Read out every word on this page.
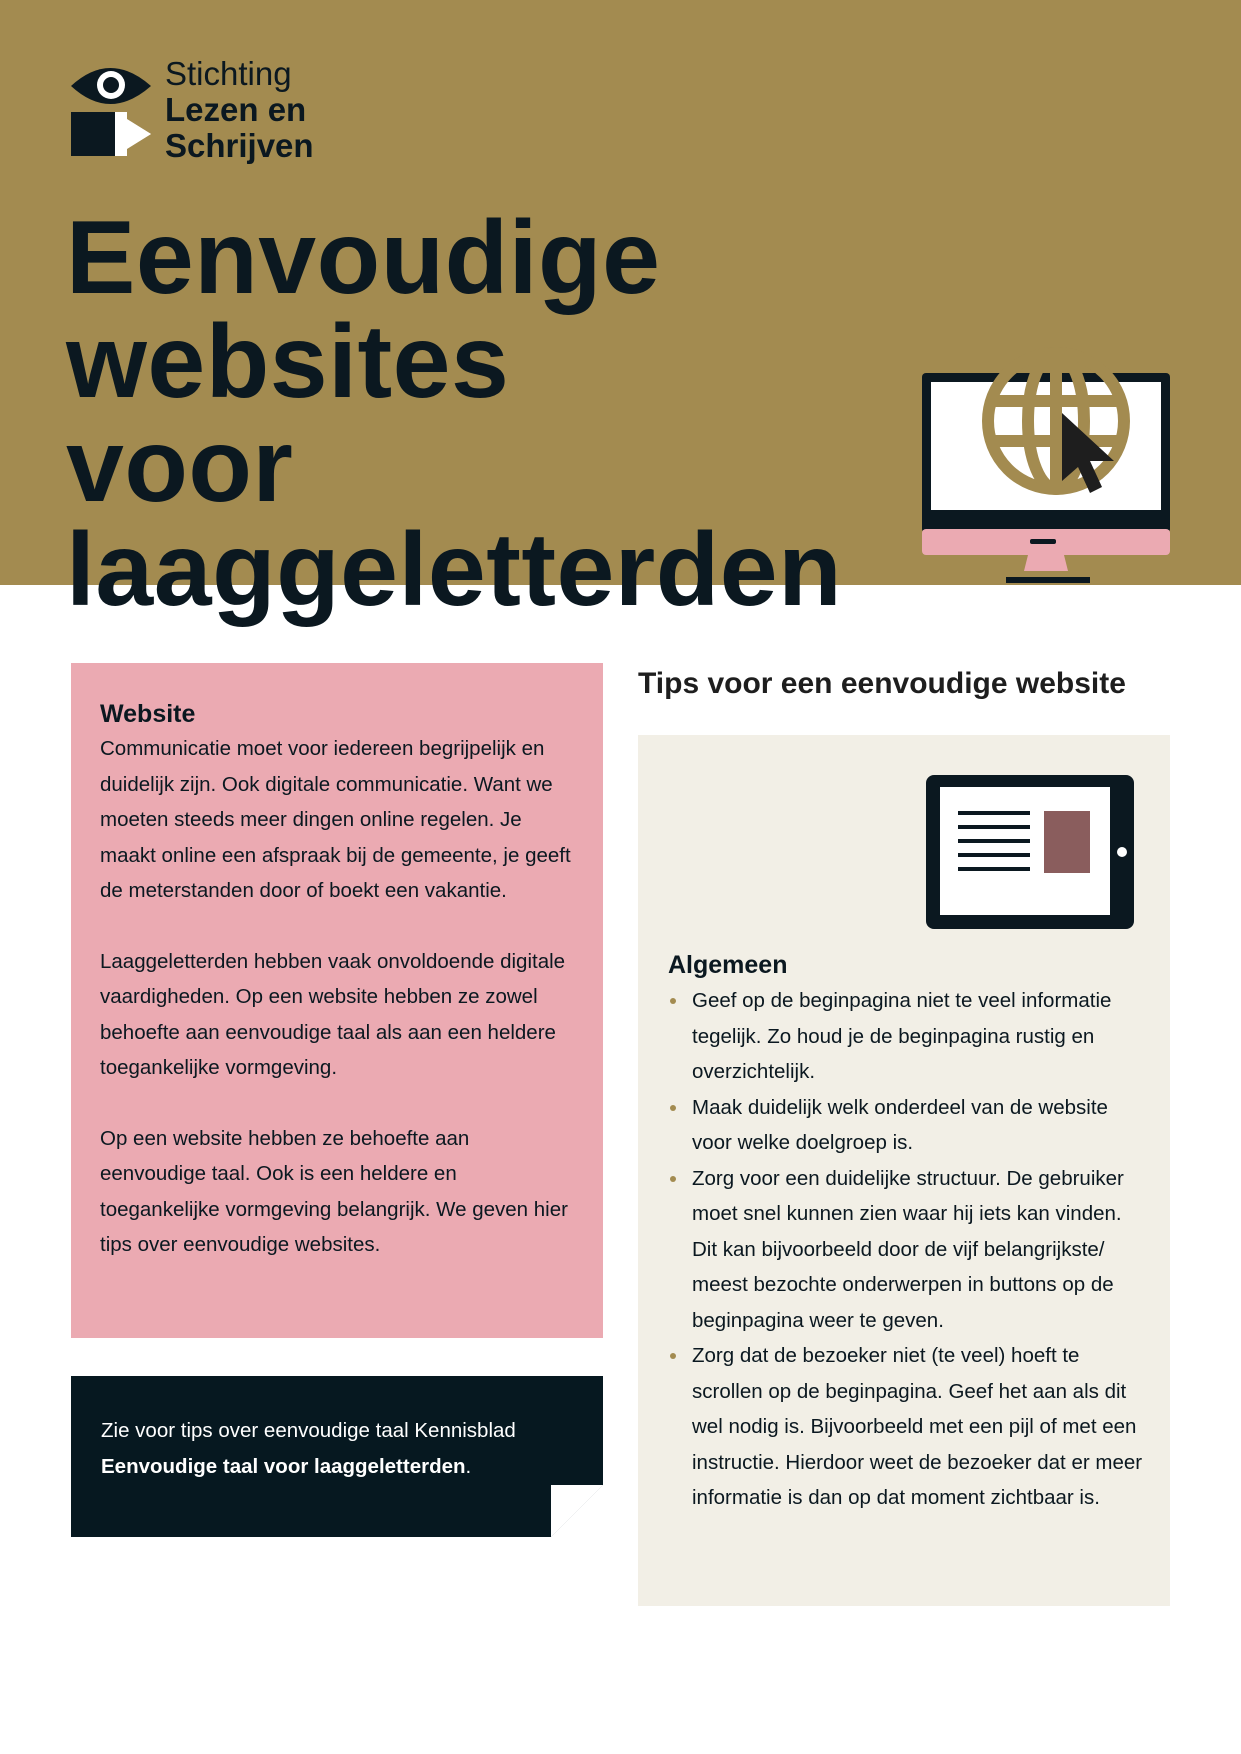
Stichting
Lezen en
Schrijven
Eenvoudige websites
voor
laaggeletterden
Website

Communicatie moet voor iedereen begrijpelijk en duidelijk zijn. Ook digitale communicatie. Want we moeten steeds meer dingen online regelen. Je maakt online een afspraak bij de gemeente, je geeft de meterstanden door of boekt een vakantie.

Laaggeletterden hebben vaak onvoldoende digitale vaardigheden. Op een website hebben ze zowel behoefte aan eenvoudige taal als aan een heldere toegankelijke vormgeving.

Op een website hebben ze behoefte aan eenvoudige taal. Ook is een heldere en toegankelijke vormgeving belangrijk. We geven hier tips over eenvoudige websites.

Zie voor tips over eenvoudige taal Kennisblad
Eenvoudige taal voor laaggeletterden.
Tips voor een eenvoudige website
Algemeen
Geef op de beginpagina niet te veel informatie tegelijk. Zo houd je de beginpagina rustig en overzichtelijk.
Maak duidelijk welk onderdeel van de website voor welke doelgroep is.
Zorg voor een duidelijke structuur. De gebruiker moet snel kunnen zien waar hij iets kan vinden. Dit kan bijvoorbeeld door de vijf belangrijkste/ meest bezochte onderwerpen in buttons op de beginpagina weer te geven.
Zorg dat de bezoeker niet (te veel) hoeft te scrollen op de beginpagina. Geef het aan als dit wel nodig is. Bijvoorbeeld met een pijl of met een instructie. Hierdoor weet de bezoeker dat er meer informatie is dan op dat moment zichtbaar is.
